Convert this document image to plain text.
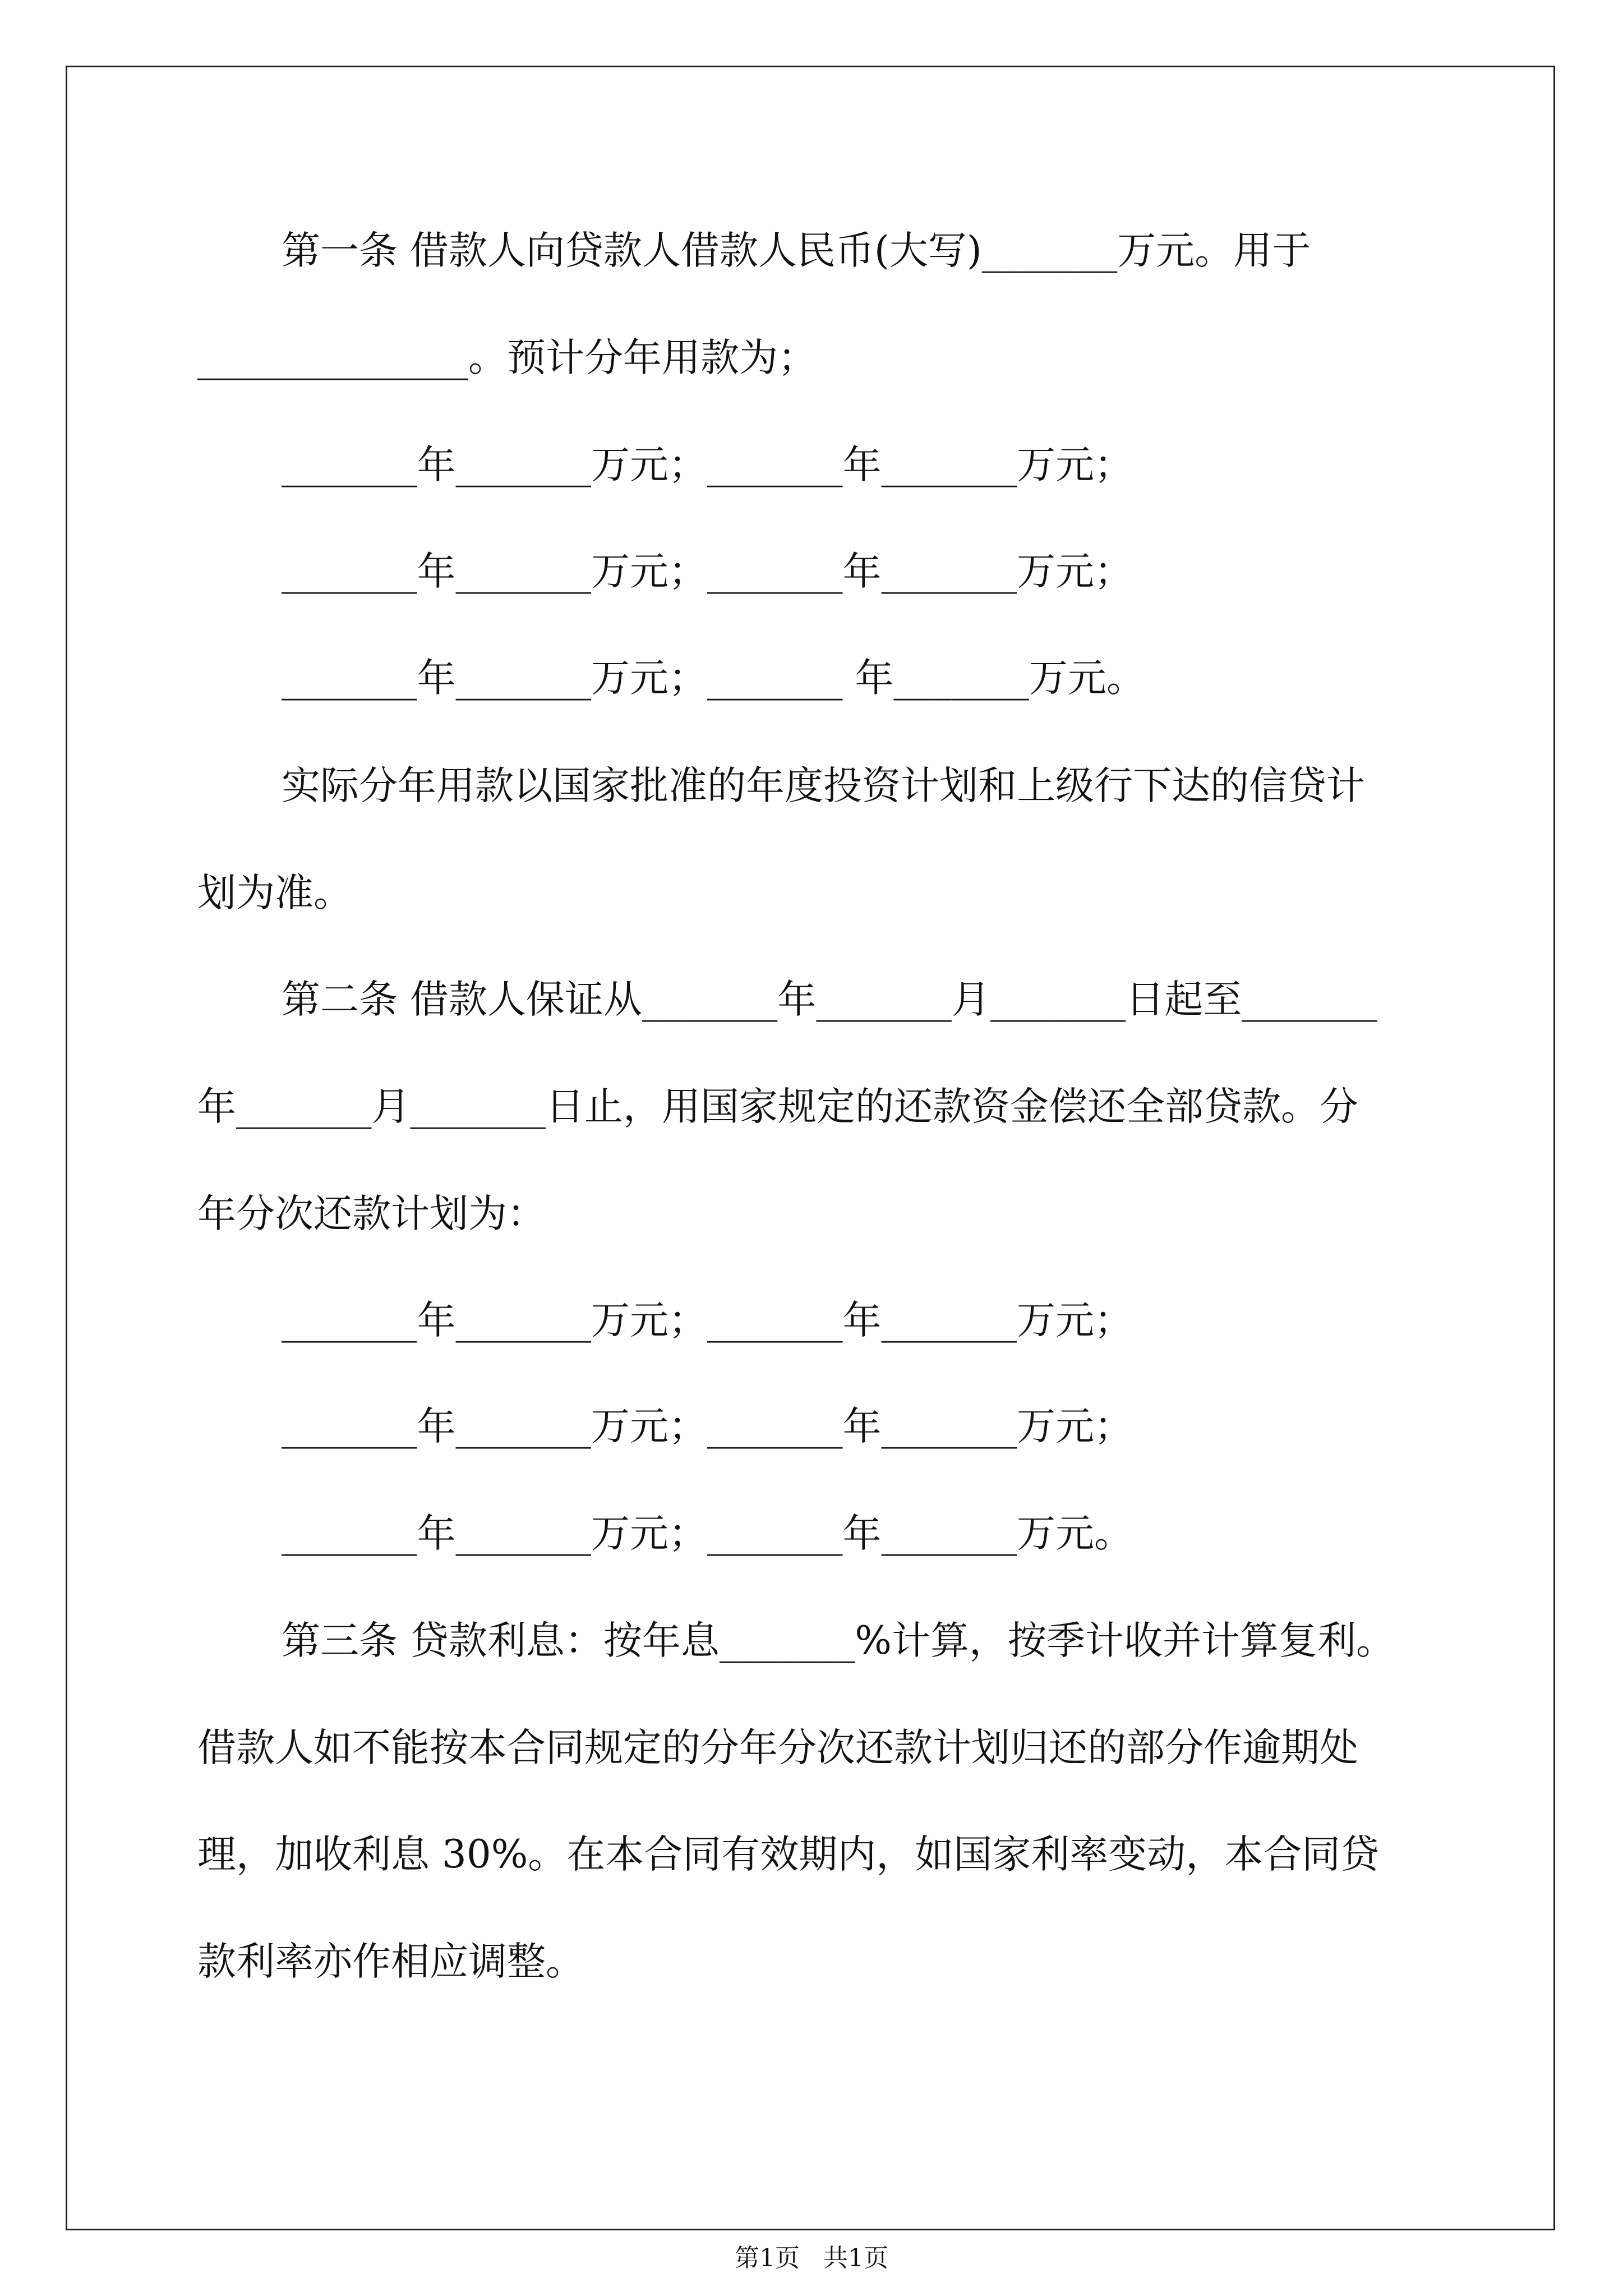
第一条 借款人向贷款人借款人民币(大写)_______万元。用于
______________。预计分年用款为；
_______年_______万元；_______年_______万元；
_______年_______万元；_______年_______万元；
_______年_______万元；_______ 年_______万元。
实际分年用款以国家批准的年度投资计划和上级行下达的信贷计
划为准。
第二条 借款人保证从_______年_______月_______日起至_______
年_______月_______日止，用国家规定的还款资金偿还全部贷款。分
年分次还款计划为：
_______年_______万元；_______年_______万元；
_______年_______万元；_______年_______万元；
_______年_______万元；_______年_______万元。
第三条 贷款利息：按年息_______%计算，按季计收并计算复利。
借款人如不能按本合同规定的分年分次还款计划归还的部分作逾期处
理，加收利息 30%。在本合同有效期内，如国家利率变动，本合同贷
款利率亦作相应调整。
第1页   共1页
